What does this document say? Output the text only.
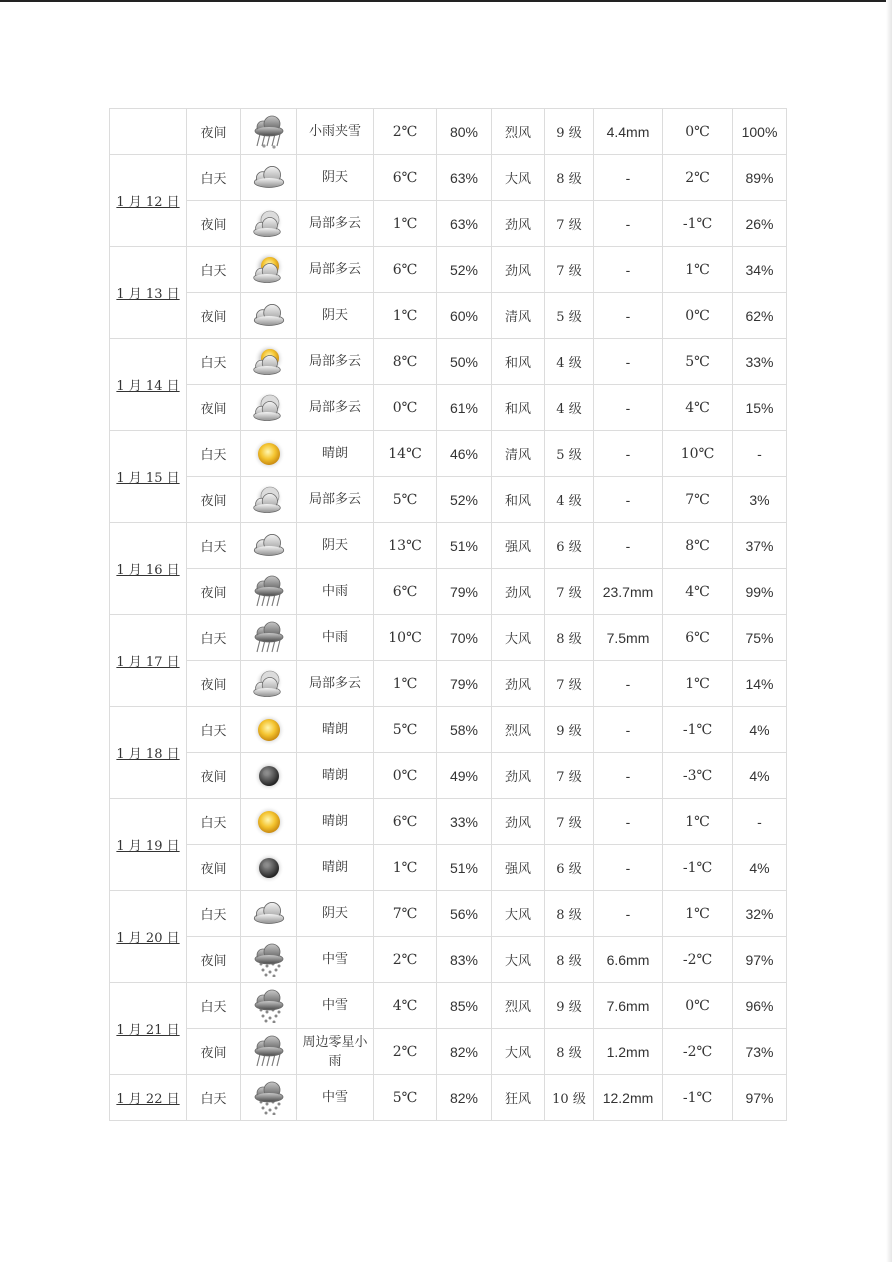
	夜间		小雨夹雪	2℃	80%	烈风	9 级	4.4mm	0℃	100%
1 月 12 日	白天		阴天	6℃	63%	大风	8 级	-	2℃	89%
	夜间		局部多云	1℃	63%	劲风	7 级	-	-1℃	26%
1 月 13 日	白天		局部多云	6℃	52%	劲风	7 级	-	1℃	34%
	夜间		阴天	1℃	60%	清风	5 级	-	0℃	62%
1 月 14 日	白天		局部多云	8℃	50%	和风	4 级	-	5℃	33%
	夜间		局部多云	0℃	61%	和风	4 级	-	4℃	15%
1 月 15 日	白天		晴朗	14℃	46%	清风	5 级	-	10℃	-
	夜间		局部多云	5℃	52%	和风	4 级	-	7℃	3%
1 月 16 日	白天		阴天	13℃	51%	强风	6 级	-	8℃	37%
	夜间		中雨	6℃	79%	劲风	7 级	23.7mm	4℃	99%
1 月 17 日	白天		中雨	10℃	70%	大风	8 级	7.5mm	6℃	75%
	夜间		局部多云	1℃	79%	劲风	7 级	-	1℃	14%
1 月 18 日	白天		晴朗	5℃	58%	烈风	9 级	-	-1℃	4%
	夜间		晴朗	0℃	49%	劲风	7 级	-	-3℃	4%
1 月 19 日	白天		晴朗	6℃	33%	劲风	7 级	-	1℃	-
	夜间		晴朗	1℃	51%	强风	6 级	-	-1℃	4%
1 月 20 日	白天		阴天	7℃	56%	大风	8 级	-	1℃	32%
	夜间		中雪	2℃	83%	大风	8 级	6.6mm	-2℃	97%
1 月 21 日	白天		中雪	4℃	85%	烈风	9 级	7.6mm	0℃	96%
	夜间		周边零星小雨	2℃	82%	大风	8 级	1.2mm	-2℃	73%
1 月 22 日	白天		中雪	5℃	82%	狂风	10 级	12.2mm	-1℃	97%
